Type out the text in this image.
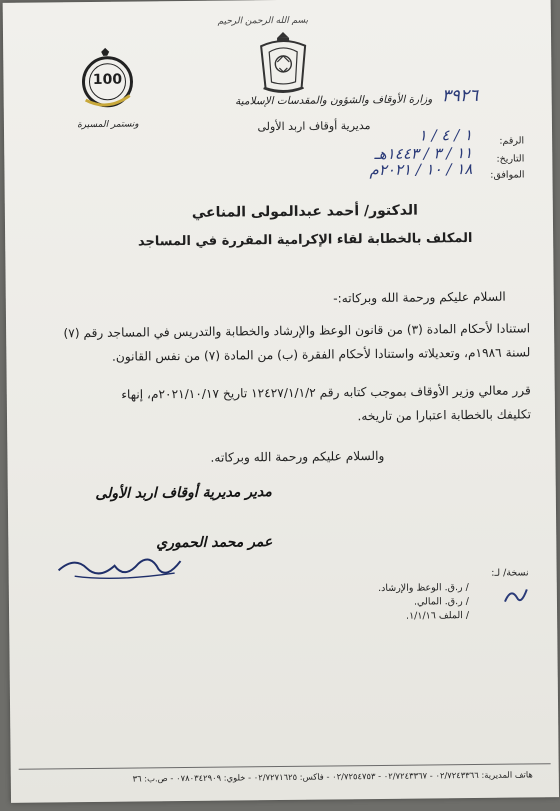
بسم الله الرحمن الرحيم
وزارة الأوقاف والشؤون والمقدسات الإسلامية
مديرية أوقاف اربد الأولى
100
ونستمر المسيرة
٣٩٢٦
الرقم:
١ / ٤ / ١
التاريخ:
١١ / ٣ / ١٤٤٣هـ
الموافق:
١٨ / ١٠ / ٢٠٢١م
الدكتور/ أحمد عبدالمولى المناعي
المكلف بالخطابة لقاء الإكرامية المقررة في المساجد
السلام عليكم ورحمة الله وبركاته:-
استنادا لأحكام المادة (٣) من قانون الوعظ والإرشاد والخطابة والتدريس في المساجد رقم (٧)
لسنة ١٩٨٦م، وتعديلاته واستنادا لأحكام الفقرة (ب) من المادة (٧) من نفس القانون.
قرر معالي وزير الأوقاف بموجب كتابه رقم ١٢٤٢٧/١/١/٢ تاريخ ٢٠٢١/١٠/١٧م، إنهاء
تكليفك بالخطابة اعتبارا من تاريخه.
والسلام عليكم ورحمة الله وبركاته.
مدير مديرية أوقاف اربد الأولى
عمر محمد الحموري
نسخة/ لـ:
/ ر.ق. الوعظ والإرشاد.
/ ر.ق. المالي.
/ الملف ١/١/١٦.
هاتف المديرية: ٠٢/٧٢٤٣٣٦٦ - ٠٢/٧٢٤٣٣٦٧ - ٠٢/٧٢٥٤٧٥٣ - فاكس: ٠٢/٧٢٧١٦٢٥ - خلوي: ٠٧٨٠٣٤٢٩٠٩ - ص.ب: ٣٦
